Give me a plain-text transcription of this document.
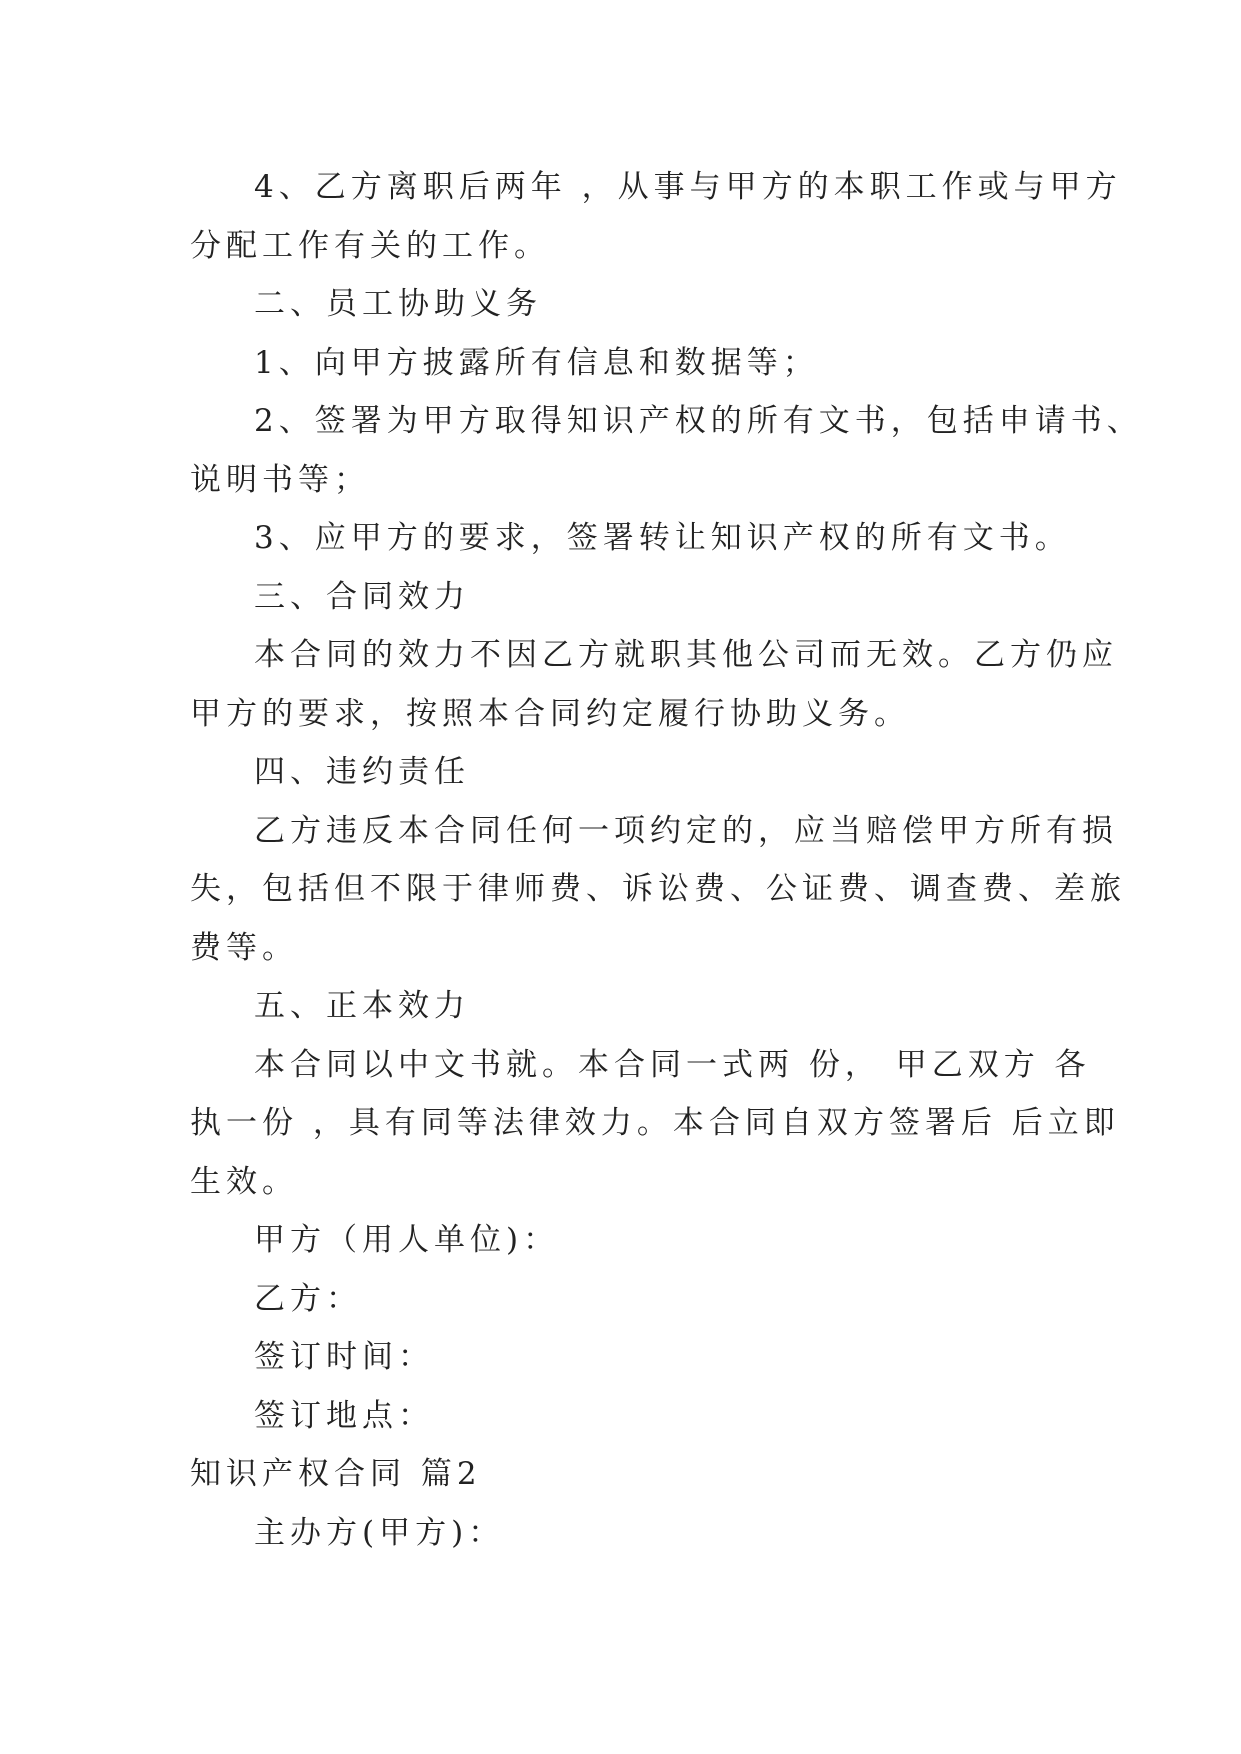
4、乙方离职后两年 ，从事与甲方的本职工作或与甲方
分配工作有关的工作。
二、员工协助义务
1、向甲方披露所有信息和数据等；
2、签署为甲方取得知识产权的所有文书，包括申请书、
说明书等；
3、应甲方的要求，签署转让知识产权的所有文书。
三、合同效力
本合同的效力不因乙方就职其他公司而无效。乙方仍应
甲方的要求，按照本合同约定履行协助义务。
四、违约责任
乙方违反本合同任何一项约定的，应当赔偿甲方所有损
失，包括但不限于律师费、诉讼费、公证费、调查费、差旅
费等。
五、正本效力
本合同以中文书就。本合同一式两 份， 甲乙双方 各
执一份 ，具有同等法律效力。本合同自双方签署后 后立即
生效。
甲方（用人单位)：
乙方：
签订时间：
签订地点：
知识产权合同 篇2
主办方(甲方)：
